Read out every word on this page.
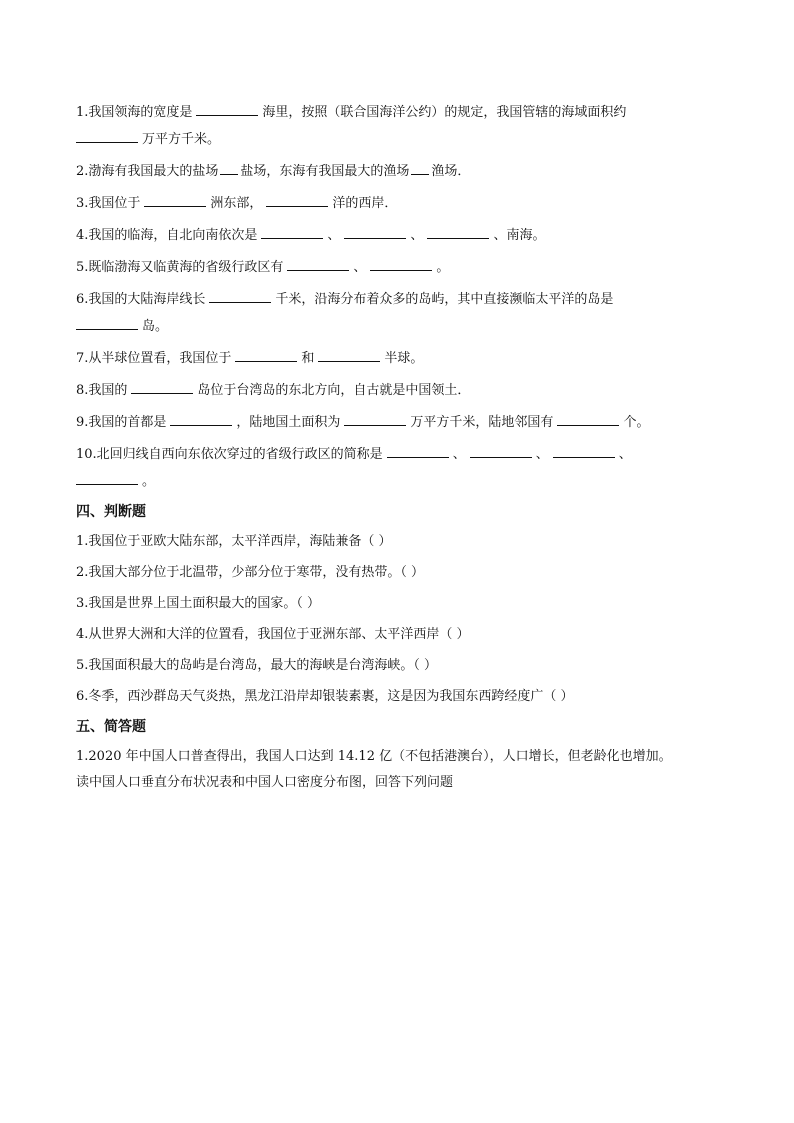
1.我国领海的宽度是	海里，按照（联合国海洋公约）的规定，我国管辖的海域面积约
万平方千米。
2.渤海有我国最大的盐场 盐场，东海有我国最大的渔场 渔场．
3.我国位于	洲东部，	洋的西岸．
4.我国的临海，自北向南依次是	、	、	、南海。
5.既临渤海又临黄海的省级行政区有	、	。
6.我国的大陆海岸线长	千米，沿海分布着众多的岛屿，其中直接濒临太平洋的岛是
岛。
7.从半球位置看，我国位于	和	半球。
8.我国的	岛位于台湾岛的东北方向，自古就是中国领土．
9.我国的首都是	，陆地国土面积为	万平方千米，陆地邻国有	个。
10.北回归线自西向东依次穿过的省级行政区的简称是	、	、	、
。
四、判断题
1.我国位于亚欧大陆东部，太平洋西岸，海陆兼备（ ）
2.我国大部分位于北温带，少部分位于寒带，没有热带。（ ）
3.我国是世界上国土面积最大的国家。（ ）
4.从世界大洲和大洋的位置看，我国位于亚洲东部、太平洋西岸（ ）
5.我国面积最大的岛屿是台湾岛，最大的海峡是台湾海峡。（ ）
6.冬季，西沙群岛天气炎热，黑龙江沿岸却银装素裹，这是因为我国东西跨经度广（ ）
五、简答题
1.2020 年中国人口普查得出，我国人口达到 14.12 亿（不包括港澳台），人口增长，但老龄化也增加。
读中国人口垂直分布状况表和中国人口密度分布图，回答下列问题
